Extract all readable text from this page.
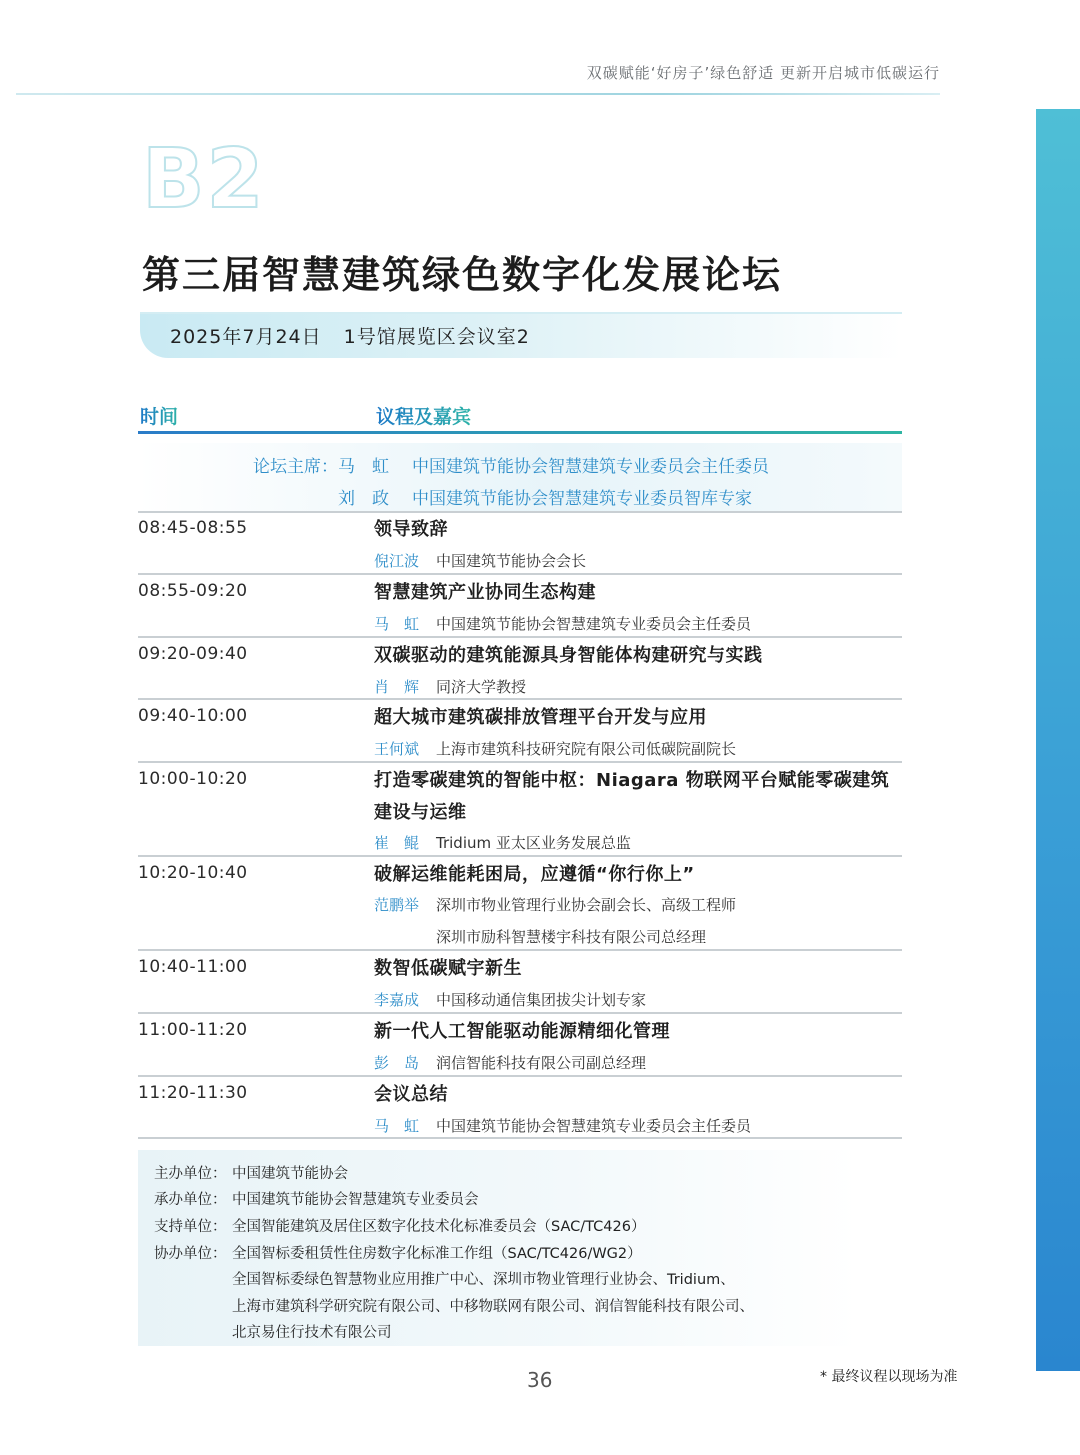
双碳赋能‘好房子’绿色舒适 更新开启城市低碳运行
B2
第三届智慧建筑绿色数字化发展论坛
2025年7月24日 1号馆展览区会议室2
时间	议程及嘉宾
论坛主席： 马　虹 中国建筑节能协会智慧建筑专业委员会主任委员
刘　政 中国建筑节能协会智慧建筑专业委员智库专家
08:45-08:55	领导致辞
倪江波 中国建筑节能协会会长
08:55-09:20	智慧建筑产业协同生态构建
马　虹 中国建筑节能协会智慧建筑专业委员会主任委员
09:20-09:40	双碳驱动的建筑能源具身智能体构建研究与实践
肖　辉 同济大学教授
09:40-10:00	超大城市建筑碳排放管理平台开发与应用
王何斌 上海市建筑科技研究院有限公司低碳院副院长
10:00-10:20	打造零碳建筑的智能中枢：Niagara 物联网平台赋能零碳建筑建设与运维
崔　鲲 Tridium 亚太区业务发展总监
10:20-10:40	破解运维能耗困局，应遵循“你行你上”
范鹏举 深圳市物业管理行业协会副会长、高级工程师
深圳市励科智慧楼宇科技有限公司总经理
10:40-11:00	数智低碳赋宇新生
李嘉成 中国移动通信集团拔尖计划专家
11:00-11:20	新一代人工智能驱动能源精细化管理
彭　岛 润信智能科技有限公司副总经理
11:20-11:30	会议总结
马　虹 中国建筑节能协会智慧建筑专业委员会主任委员
主办单位： 中国建筑节能协会
承办单位： 中国建筑节能协会智慧建筑专业委员会
支持单位： 全国智能建筑及居住区数字化技术化标准委员会（SAC/TC426）
协办单位： 全国智标委租赁性住房数字化标准工作组（SAC/TC426/WG2）
全国智标委绿色智慧物业应用推广中心、深圳市物业管理行业协会、Tridium、
上海市建筑科学研究院有限公司、中移物联网有限公司、润信智能科技有限公司、
北京易住行技术有限公司
36	* 最终议程以现场为准
